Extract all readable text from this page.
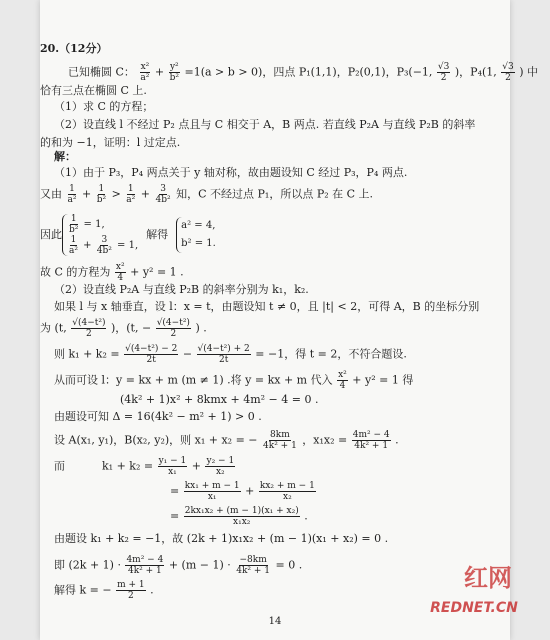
20.（12分）
已知椭圆 C： $\frac{\text{x²}}{\text{a²}} + \frac{\text{y²}}{\text{b²}} =1(a > b > 0)$，四点 P₁(1,1)，P₂(0,1)，P₃(−1, $\frac{√3}{2}$ )，P₄(1, $\frac{√3}{2}$ ) 中
恰有三点在椭圆 C 上.
（1）求 C 的方程；
（2）设直线 l 不经过 P₂ 点且与 C 相交于 A，B 两点. 若直线 P₂A 与直线 P₂B 的斜率
的和为 −1，证明：l 过定点.
解：
（1）由于 P₃，P₄ 两点关于 y 轴对称，故由题设知 C 经过 P₃，P₄ 两点.
又由 $\frac{1}{\text{a²}} + \frac{1}{\text{b²}} > \frac{1}{\text{a²}} + \frac{3}{\text{4b²}}$ 知，C 不经过点 P₁，所以点 P₂ 在 C 上.
因此 $\frac{1}{\text{b²}} = 1$,
$\frac{1}{\text{a²}} + \frac{3}{\text{4b²}} = 1$,
解得
a² = 4,
b² = 1.
故 C 的方程为 $\frac{\text{x²}}{4} + y^2 = 1$ .
（2）设直线 P₂A 与直线 P₂B 的斜率分别为 k₁，k₂.
如果 l 与 x 轴垂直，设 l：x = t，由题设知 t ≠ 0，且 |t| < 2，可得 A，B 的坐标分别
为 (t, $\frac{\text{√(4−t²)}}{2}$ )，(t, − $\frac{\text{√(4−t²)}}{2}$ ) .
则 $k_1 + k_2 = \frac{\text{√(4−t²) − 2}}{2t} - \frac{\text{√(4−t²) + 2}}{2t} = -1$，得 t = 2，不符合题设.
从而可设 l：y = kx + m (m ≠ 1) .将 y = kx + m 代入 $\frac{\text{x²}}{4} + y^2 = 1$ 得
(4k² + 1)x² + 8kmx + 4m² − 4 = 0 .
由题设可知 Δ = 16(4k² − m² + 1) > 0 .
设 A(x₁, y₁)，B(x₂, y₂)，则 x₁ + x₂ = − $\frac{8km}{\text{4k² + 1}}$ ，$x_1x_2 = \frac{\text{4m² − 4}}{\text{4k² + 1}}$ .
而	$k_1 + k_2 = \frac{\text{y₁ − 1}}{\text{x₁}} + \frac{\text{y₂ − 1}}{\text{x₂}}$
= $\frac{\text{kx₁ + m − 1}}{\text{x₁}} + \frac{\text{kx₂ + m − 1}}{\text{x₂}}$
= $\frac{\text{2kx₁x₂ + (m − 1)(x₁ + x₂)}}{\text{x₁x₂}}$ .
由题设 k₁ + k₂ = −1，故 (2k + 1)x₁x₂ + (m − 1)(x₁ + x₂) = 0 .
即 $(2k + 1) \cdot \frac{\text{4m² − 4}}{\text{4k² + 1}} + (m - 1) \cdot \frac{-8km}{\text{4k² + 1}} = 0$ .
解得 k = − $\frac{m + 1}{2}$ .
14
红网
REDNET.CN
